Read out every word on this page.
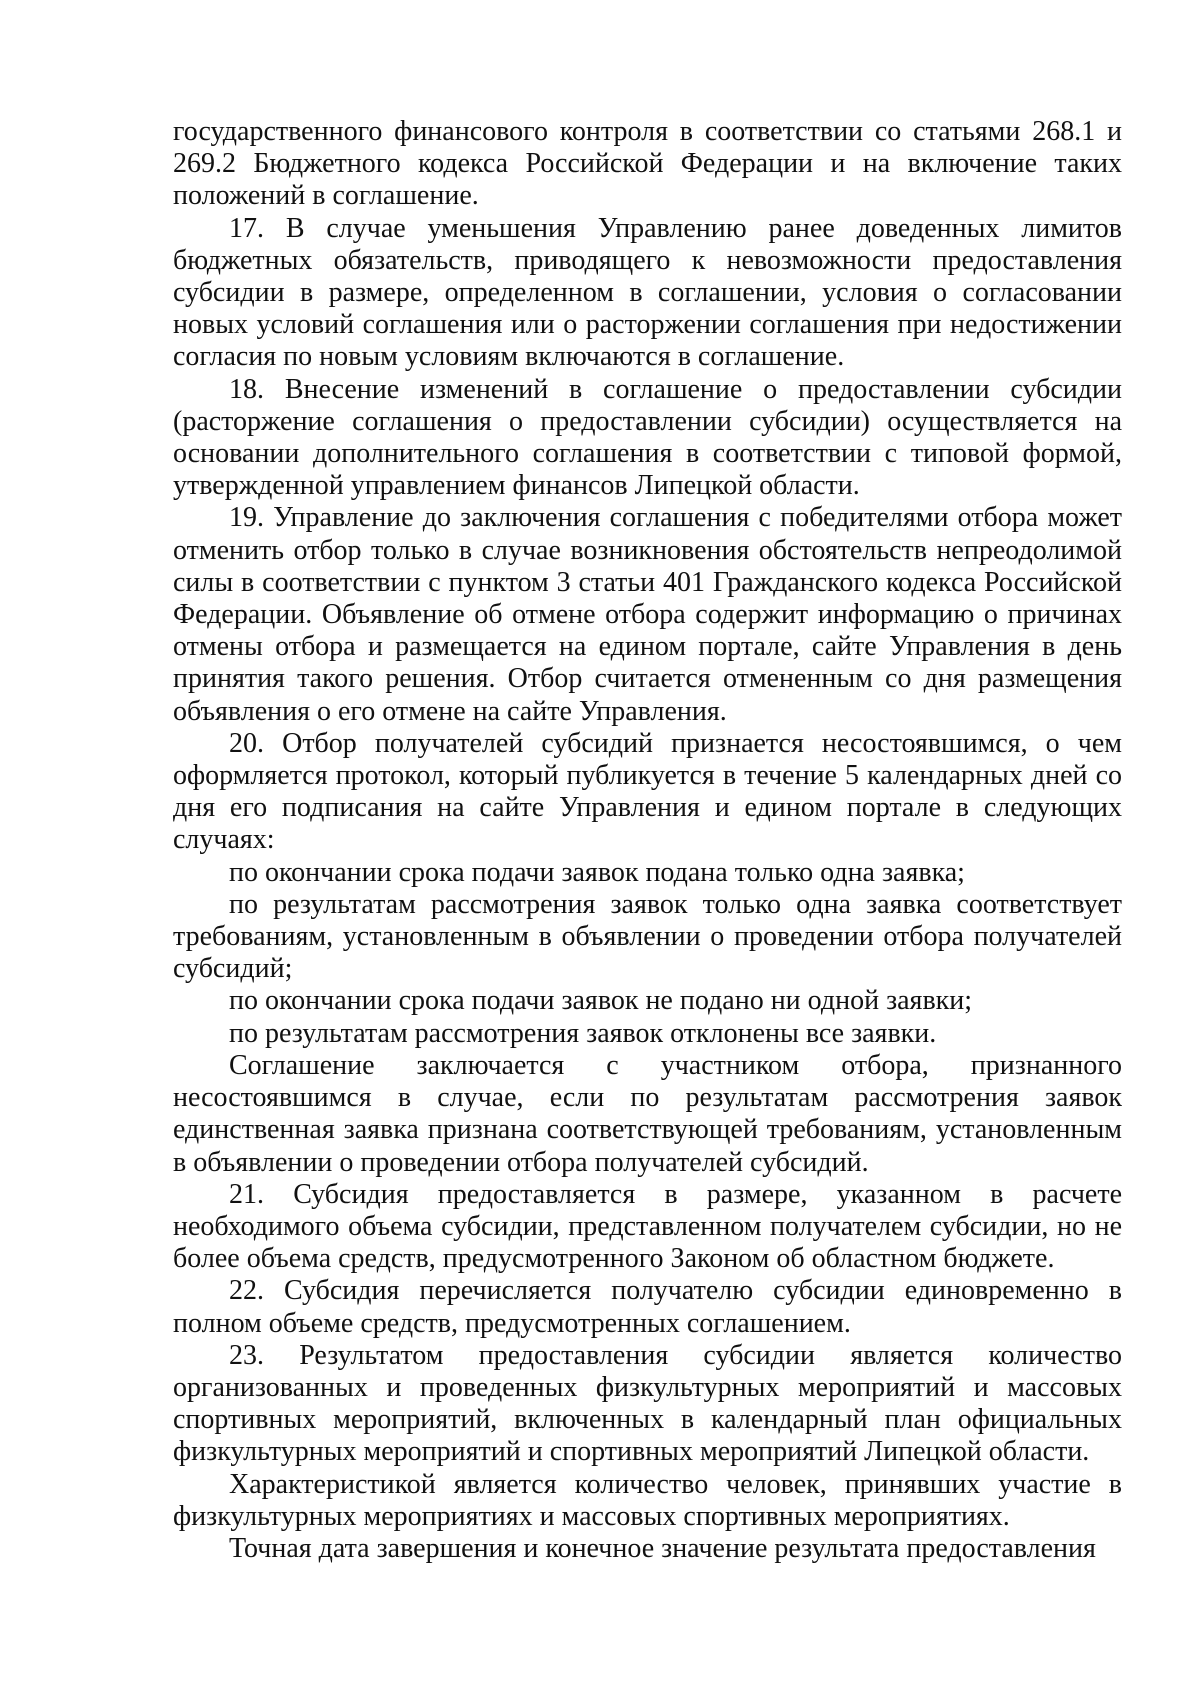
государственного финансового контроля в соответствии со статьями 268.1 и 269.2 Бюджетного кодекса Российской Федерации и на включение таких положений в соглашение.

17. В случае уменьшения Управлению ранее доведенных лимитов бюджетных обязательств, приводящего к невозможности предоставления субсидии в размере, определенном в соглашении, условия о согласовании новых условий соглашения или о расторжении соглашения при недостижении согласия по новым условиям включаются в соглашение.

18. Внесение изменений в соглашение о предоставлении субсидии (расторжение соглашения о предоставлении субсидии) осуществляется на основании дополнительного соглашения в соответствии с типовой формой, утвержденной управлением финансов Липецкой области.

19. Управление до заключения соглашения с победителями отбора может отменить отбор только в случае возникновения обстоятельств непреодолимой силы в соответствии с пунктом 3 статьи 401 Гражданского кодекса Российской Федерации. Объявление об отмене отбора содержит информацию о причинах отмены отбора и размещается на едином портале, сайте Управления в день принятия такого решения. Отбор считается отмененным со дня размещения объявления о его отмене на сайте Управления.

20. Отбор получателей субсидий признается несостоявшимся, о чем оформляется протокол, который публикуется в течение 5 календарных дней со дня его подписания на сайте Управления и едином портале в следующих случаях:

по окончании срока подачи заявок подана только одна заявка;

по результатам рассмотрения заявок только одна заявка соответствует требованиям, установленным в объявлении о проведении отбора получателей субсидий;

по окончании срока подачи заявок не подано ни одной заявки;

по результатам рассмотрения заявок отклонены все заявки.

Соглашение заключается с участником отбора, признанного несостоявшимся в случае, если по результатам рассмотрения заявок единственная заявка признана соответствующей требованиям, установленным в объявлении о проведении отбора получателей субсидий.

21. Субсидия предоставляется в размере, указанном в расчете необходимого объема субсидии, представленном получателем субсидии, но не более объема средств, предусмотренного Законом об областном бюджете.

22. Субсидия перечисляется получателю субсидии единовременно в полном объеме средств, предусмотренных соглашением.

23. Результатом предоставления субсидии является количество организованных и проведенных физкультурных мероприятий и массовых спортивных мероприятий, включенных в календарный план официальных физкультурных мероприятий и спортивных мероприятий Липецкой области.

Характеристикой является количество человек, принявших участие в физкультурных мероприятиях и массовых спортивных мероприятиях.

Точная дата завершения и конечное значение результата предоставления
